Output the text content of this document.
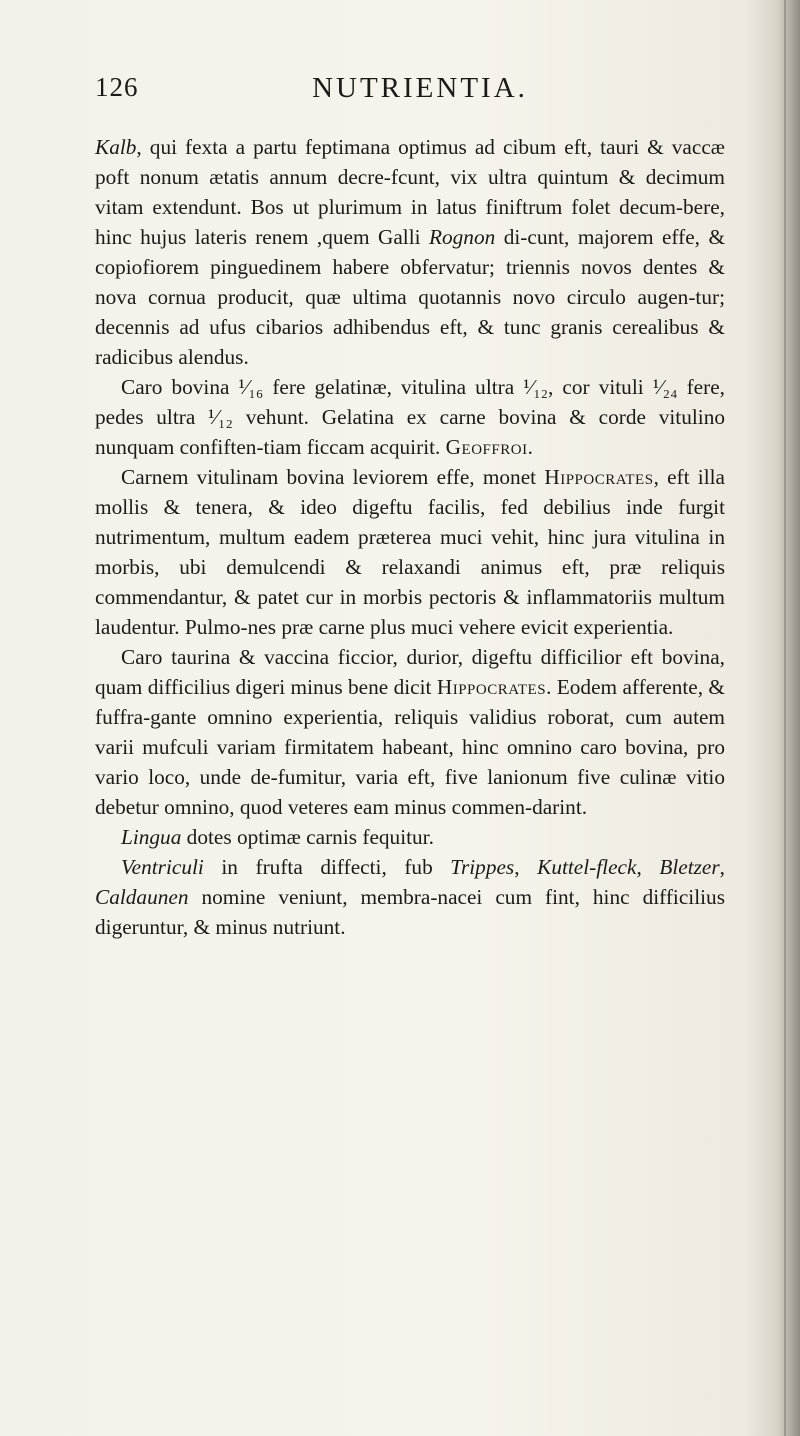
126	NUTRIENTIA.

Kalb, qui fexta a partu feptimana optimus ad cibum eft, tauri & vaccæ poft nonum ætatis annum decre-fcunt, vix ultra quintum & decimum vitam extendunt. Bos ut plurimum in latus finiftrum folet decum-bere, hinc hujus lateris renem ,quem Galli Rognon di-cunt, majorem effe, & copiofiorem pinguedinem habere obfervatur; triennis novos dentes & nova cornua producit, quæ ultima quotannis novo circulo augen-tur; decennis ad ufus cibarios adhibendus eft, & tunc granis cerealibus & radicibus alendus.

Caro bovina ¹⁄₁₆ fere gelatinæ, vitulina ultra ¹⁄₁₂, cor vituli ¹⁄₂₄ fere, pedes ultra ¹⁄₁₂ vehunt. Gelatina ex carne bovina & corde vitulino nunquam confiften-tiam ficcam acquirit. Geoffroi.

Carnem vitulinam bovina leviorem effe, monet Hippocrates, eft illa mollis & tenera, & ideo digeftu facilis, fed debilius inde furgit nutrimentum, multum eadem præterea muci vehit, hinc jura vitulina in morbis, ubi demulcendi & relaxandi animus eft, præ reliquis commendantur, & patet cur in morbis pectoris & inflammatoriis multum laudentur. Pulmo-nes præ carne plus muci vehere evicit experientia.

Caro taurina & vaccina ficcior, durior, digeftu difficilior eft bovina, quam difficilius digeri minus bene dicit Hippocrates. Eodem afferente, & fuffra-gante omnino experientia, reliquis validius roborat, cum autem varii mufculi variam firmitatem habeant, hinc omnino caro bovina, pro vario loco, unde de-fumitur, varia eft, five lanionum five culinæ vitio debetur omnino, quod veteres eam minus commen-darint.

Lingua dotes optimæ carnis fequitur.

Ventriculi in frufta diffecti, fub Trippes, Kuttel-fleck, Bletzer, Caldaunen nomine veniunt, membra-nacei cum fint, hinc difficilius digeruntur, & minus nutriunt.
